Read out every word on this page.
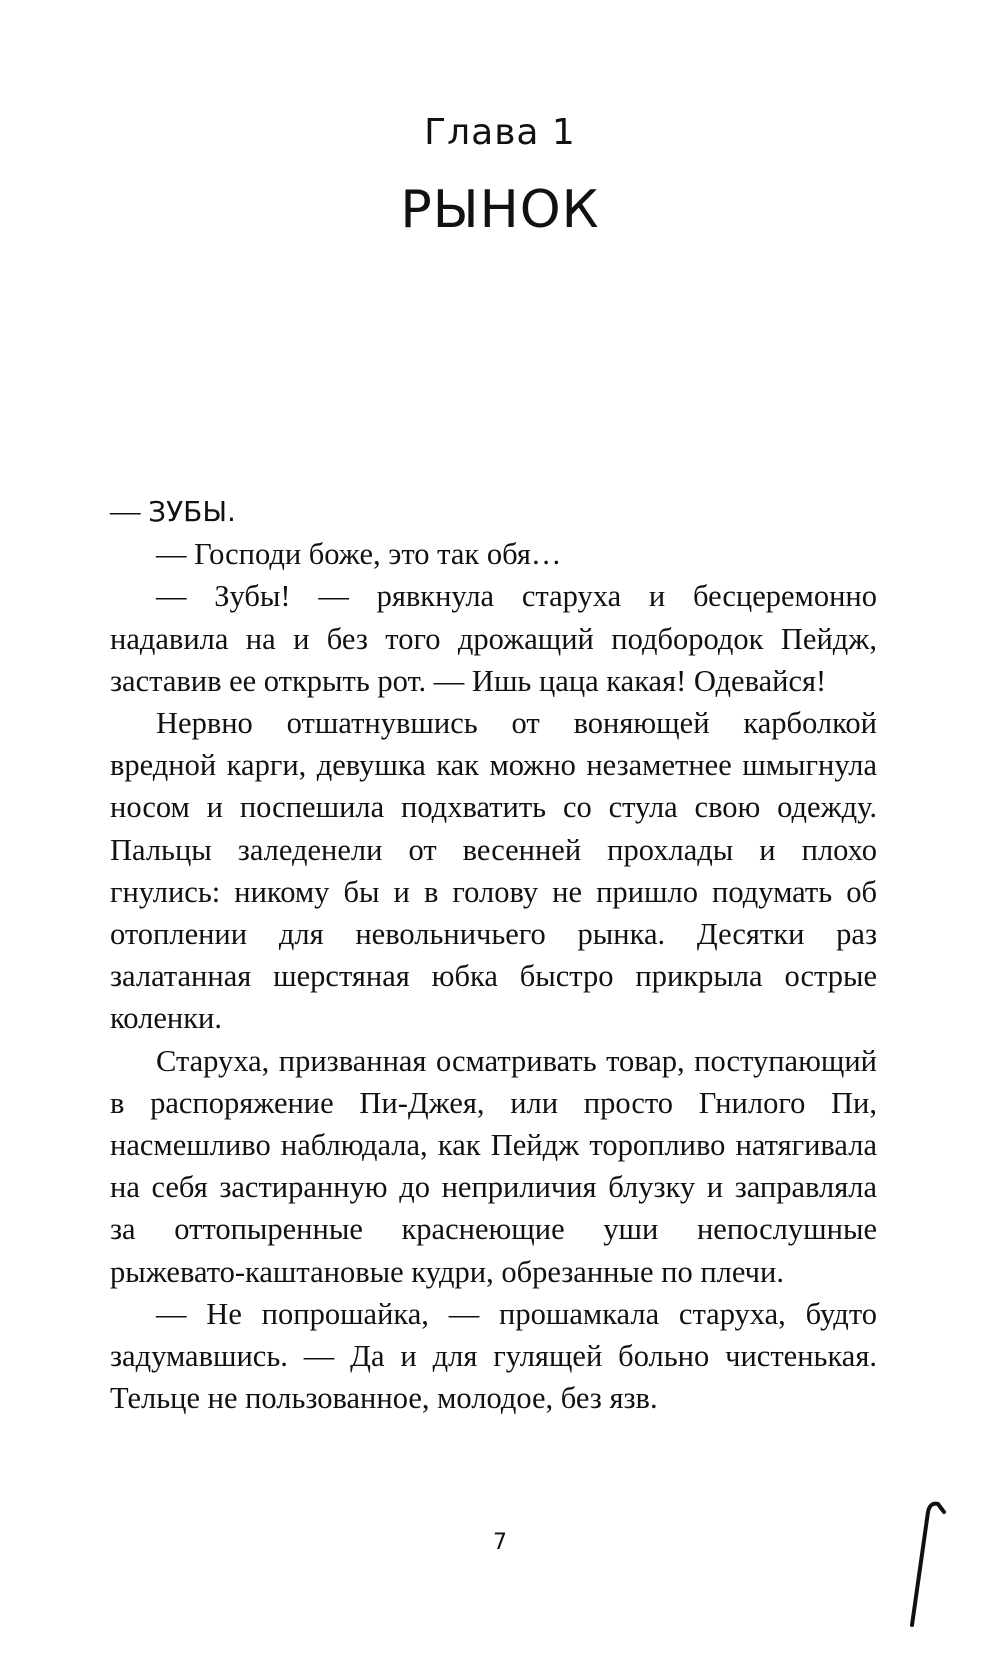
Глава 1
РЫНОК

— ЗУБЫ.

— Господи боже, это так обя…

— Зубы! — рявкнула старуха и бесцеремонно надавила на и без того дрожащий подбородок Пейдж, заставив ее открыть рот. — Ишь цаца какая! Одевайся!

Нервно отшатнувшись от воняющей карболкой вредной карги, девушка как можно незаметнее шмыгнула носом и поспешила подхватить со стула свою одежду. Пальцы заледенели от весенней прохлады и плохо гнулись: никому бы и в голову не пришло подумать об отоплении для невольничьего рынка. Десятки раз залатанная шерстяная юбка быстро прикрыла острые коленки.

Старуха, призванная осматривать товар, поступающий в распоряжение Пи-Джея, или просто Гнилого Пи, насмешливо наблюдала, как Пейдж торопливо натягивала на себя застиранную до неприличия блузку и заправляла за оттопыренные краснеющие уши непослушные рыжевато-каштановые кудри, обрезанные по плечи.

— Не попрошайка, — прошамкала старуха, будто задумавшись. — Да и для гулящей больно чистенькая. Тельце не пользованное, молодое, без язв.

7
